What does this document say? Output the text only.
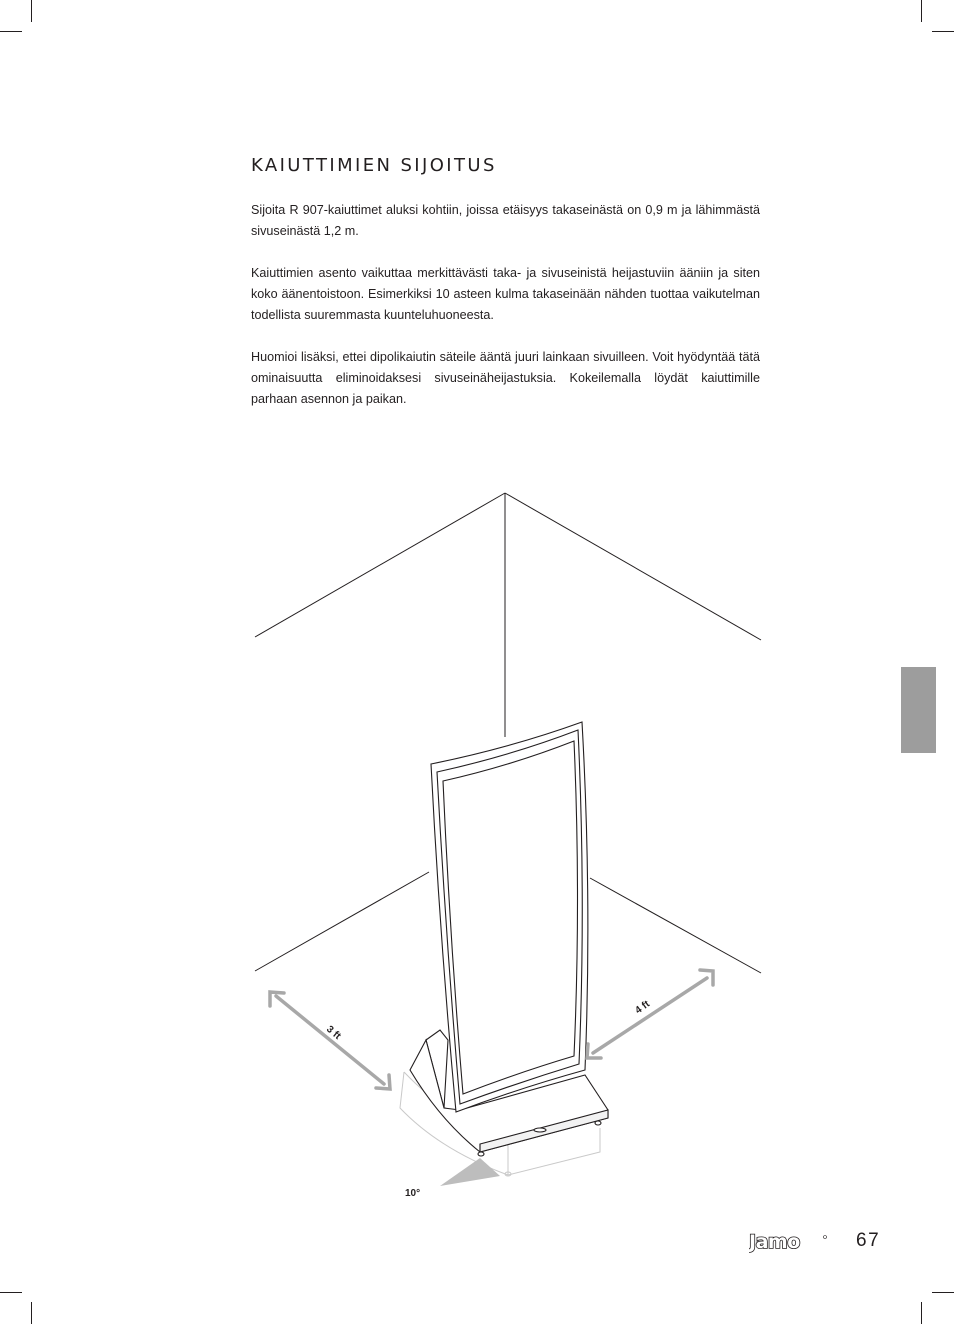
KAIUTTIMIEN SIJOITUS

Sijoita R 907-kaiuttimet aluksi kohtiin, joissa etäisyys takaseinästä on 0,9 m ja lähimmästä sivuseinästä 1,2 m.

Kaiuttimien asento vaikuttaa merkittävästi taka- ja sivuseinistä heijastuviin ääniin ja siten koko äänentoistoon. Esimerkiksi 10 asteen kulma takaseinään nähden tuottaa vaikutelman todellista suuremmasta kuunteluhuoneesta.

Huomioi lisäksi, ettei dipolikaiutin säteile ääntä juuri lainkaan sivuilleen. Voit hyödyntää tätä ominaisuutta eliminoidaksesi sivuseinäheijastuksia. Kokeilemalla löydät kaiuttimille parhaan asennon ja paikan.

3 ft
4 ft
10°
Jamo	67
